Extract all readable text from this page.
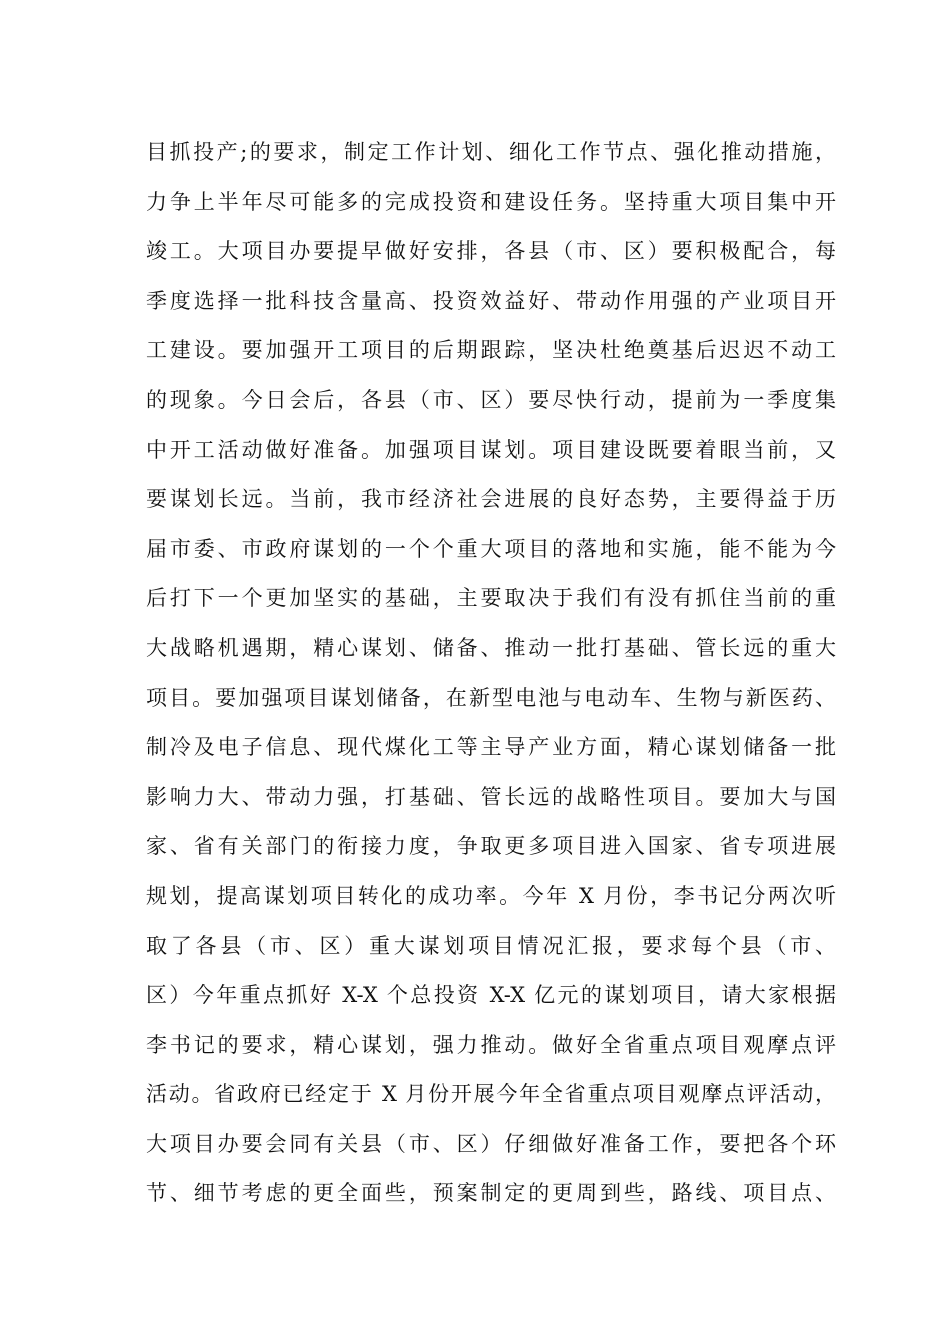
目抓投产;的要求，制定工作计划、细化工作节点、强化推动措施，
力争上半年尽可能多的完成投资和建设任务。坚持重大项目集中开
竣工。大项目办要提早做好安排，各县（市、区）要积极配合，每
季度选择一批科技含量高、投资效益好、带动作用强的产业项目开
工建设。要加强开工项目的后期跟踪，坚决杜绝奠基后迟迟不动工
的现象。今日会后，各县（市、区）要尽快行动，提前为一季度集
中开工活动做好准备。加强项目谋划。项目建设既要着眼当前，又
要谋划长远。当前，我市经济社会进展的良好态势，主要得益于历
届市委、市政府谋划的一个个重大项目的落地和实施，能不能为今
后打下一个更加坚实的基础，主要取决于我们有没有抓住当前的重
大战略机遇期，精心谋划、储备、推动一批打基础、管长远的重大
项目。要加强项目谋划储备，在新型电池与电动车、生物与新医药、
制冷及电子信息、现代煤化工等主导产业方面，精心谋划储备一批
影响力大、带动力强，打基础、管长远的战略性项目。要加大与国
家、省有关部门的衔接力度，争取更多项目进入国家、省专项进展
规划，提高谋划项目转化的成功率。今年 X 月份，李书记分两次听
取了各县（市、区）重大谋划项目情况汇报，要求每个县（市、
区）今年重点抓好 X-X 个总投资 X-X 亿元的谋划项目，请大家根据
李书记的要求，精心谋划，强力推动。做好全省重点项目观摩点评
活动。省政府已经定于 X 月份开展今年全省重点项目观摩点评活动，
大项目办要会同有关县（市、区）仔细做好准备工作，要把各个环
节、细节考虑的更全面些，预案制定的更周到些，路线、项目点、
